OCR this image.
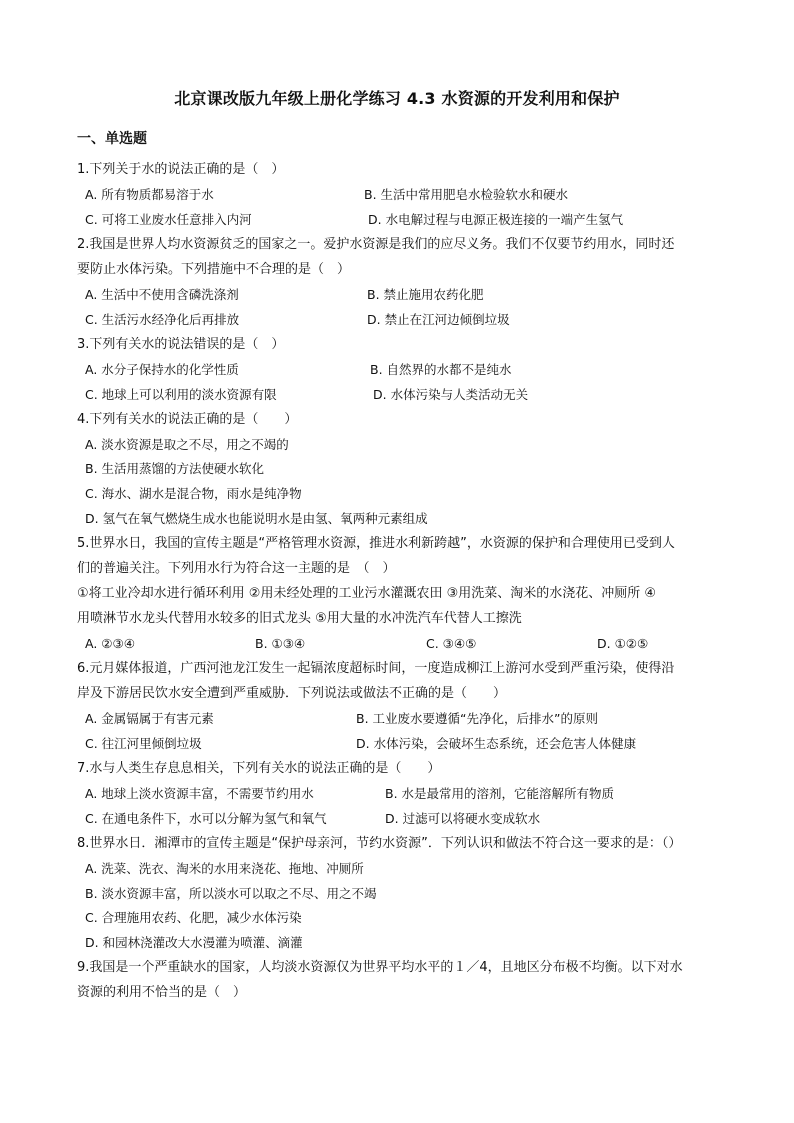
北京课改版九年级上册化学练习 4.3 水资源的开发利用和保护
一、单选题
1.下列关于水的说法正确的是（　）
A. 所有物质都易溶于水	B. 生活中常用肥皂水检验软水和硬水
C. 可将工业废水任意排入内河	D. 水电解过程与电源正极连接的一端产生氢气
2.我国是世界人均水资源贫乏的国家之一。爱护水资源是我们的应尽义务。我们不仅要节约用水，同时还
要防止水体污染。下列措施中不合理的是（　）
A. 生活中不使用含磷洗涤剂	B. 禁止施用农药化肥
C. 生活污水经净化后再排放	D. 禁止在江河边倾倒垃圾
3.下列有关水的说法错误的是（　）
A. 水分子保持水的化学性质	B. 自然界的水都不是纯水
C. 地球上可以利用的淡水资源有限	D. 水体污染与人类活动无关
4.下列有关水的说法正确的是（　　）
A. 淡水资源是取之不尽，用之不竭的
B. 生活用蒸馏的方法使硬水软化
C. 海水、湖水是混合物，雨水是纯净物
D. 氢气在氧气燃烧生成水也能说明水是由氢、氧两种元素组成
5.世界水日，我国的宣传主题是“严格管理水资源，推进水利新跨越”，水资源的保护和合理使用已受到人
们的普遍关注。下列用水行为符合这一主题的是　（　）
①将工业冷却水进行循环利用 ②用未经处理的工业污水灌溉农田 ③用洗菜、淘米的水浇花、冲厕所 ④
用喷淋节水龙头代替用水较多的旧式龙头 ⑤用大量的水冲洗汽车代替人工擦洗
A. ②③④	B. ①③④	C. ③④⑤	D. ①②⑤
6.元月媒体报道，广西河池龙江发生一起镉浓度超标时间，一度造成柳江上游河水受到严重污染，使得沿
岸及下游居民饮水安全遭到严重威胁．下列说法或做法不正确的是（　　）
A. 金属镉属于有害元素	B. 工业废水要遵循“先净化，后排水”的原则
C. 往江河里倾倒垃圾	D. 水体污染，会破坏生态系统，还会危害人体健康
7.水与人类生存息息相关，下列有关水的说法正确的是（　　）
A. 地球上淡水资源丰富，不需要节约用水	B. 水是最常用的溶剂，它能溶解所有物质
C. 在通电条件下，水可以分解为氢气和氧气	D. 过滤可以将硬水变成软水
8.世界水日．湘潭市的宣传主题是“保护母亲河，节约水资源”．下列认识和做法不符合这一要求的是：（）
A. 洗菜、洗衣、淘米的水用来浇花、拖地、冲厕所
B. 淡水资源丰富，所以淡水可以取之不尽、用之不竭
C. 合理施用农药、化肥，减少水体污染
D. 和园林浇灌改大水漫灌为喷灌、滴灌
9.我国是一个严重缺水的国家，人均淡水资源仅为世界平均水平的１／4，且地区分布极不均衡。以下对水
资源的利用不恰当的是（　）
